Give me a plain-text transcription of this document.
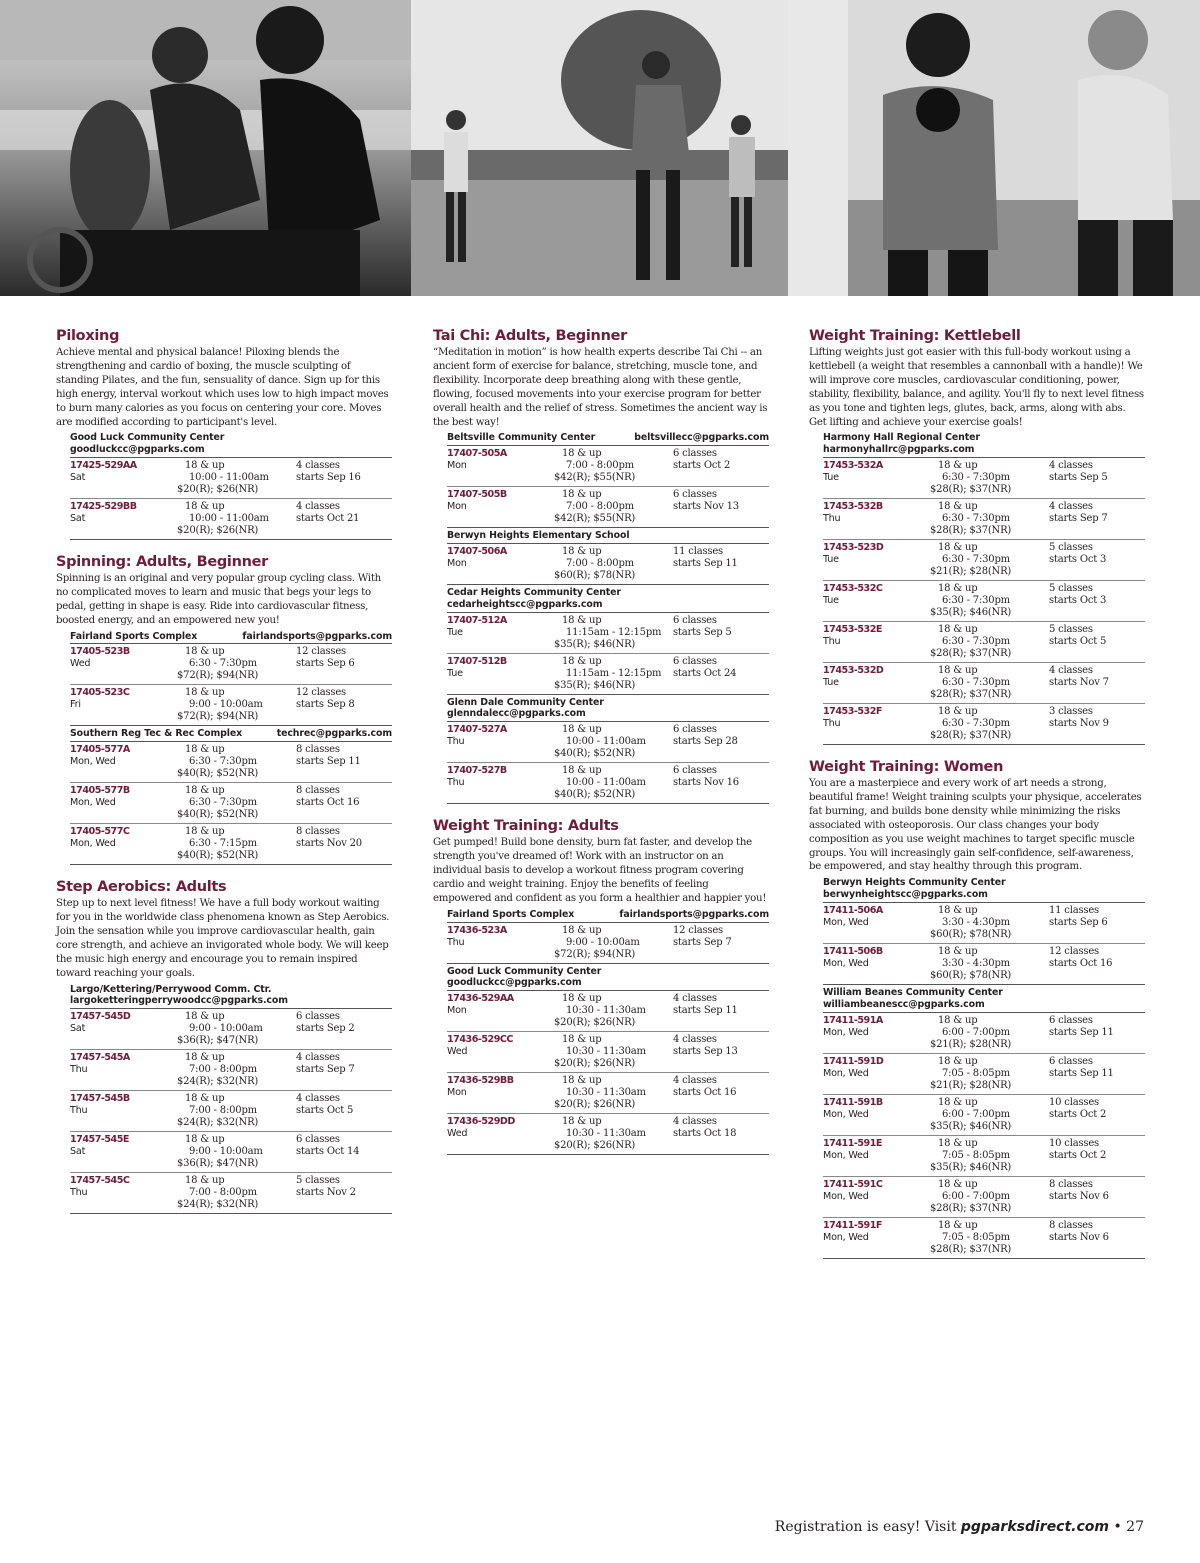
Piloxing

Achieve mental and physical balance! Piloxing blends the strengthening and cardio of boxing, the muscle sculpting of standing Pilates, and the fun, sensuality of dance. Sign up for this high energy, interval workout which uses low to high impact moves to burn many calories as you focus on centering your core. Moves are modified according to participant's level.

Good Luck Community Center
goodluckcc@pgparks.com
17425-529AA
Sat
18 & up
10:00 - 11:00am
$20(R); $26(NR)
4 classes
starts Sep 16
17425-529BB
Sat
18 & up
10:00 - 11:00am
$20(R); $26(NR)
4 classes
starts Oct 21
Spinning: Adults, Beginner

Spinning is an original and very popular group cycling class. With no complicated moves to learn and music that begs your legs to pedal, getting in shape is easy. Ride into cardiovascular fitness, boosted energy, and an empowered new you!

Fairland Sports Complex	fairlandsports@pgparks.com
17405-523B
Wed
18 & up
6:30 - 7:30pm
$72(R); $94(NR)
12 classes
starts Sep 6
17405-523C
Fri
18 & up
9:00 - 10:00am
$72(R); $94(NR)
12 classes
starts Sep 8
Southern Reg Tec & Rec Complex	techrec@pgparks.com
17405-577A
Mon, Wed
18 & up
6:30 - 7:30pm
$40(R); $52(NR)
8 classes
starts Sep 11
17405-577B
Mon, Wed
18 & up
6:30 - 7:30pm
$40(R); $52(NR)
8 classes
starts Oct 16
17405-577C
Mon, Wed
18 & up
6:30 - 7:15pm
$40(R); $52(NR)
8 classes
starts Nov 20
Step Aerobics: Adults

Step up to next level fitness! We have a full body workout waiting for you in the worldwide class phenomena known as Step Aerobics. Join the sensation while you improve cardiovascular health, gain core strength, and achieve an invigorated whole body. We will keep the music high energy and encourage you to remain inspired toward reaching your goals.

Largo/Kettering/Perrywood Comm. Ctr.
largoketteringperrywoodcc@pgparks.com
17457-545D
Sat
18 & up
9:00 - 10:00am
$36(R); $47(NR)
6 classes
starts Sep 2
17457-545A
Thu
18 & up
7:00 - 8:00pm
$24(R); $32(NR)
4 classes
starts Sep 7
17457-545B
Thu
18 & up
7:00 - 8:00pm
$24(R); $32(NR)
4 classes
starts Oct 5
17457-545E
Sat
18 & up
9:00 - 10:00am
$36(R); $47(NR)
6 classes
starts Oct 14
17457-545C
Thu
18 & up
7:00 - 8:00pm
$24(R); $32(NR)
5 classes
starts Nov 2
Tai Chi: Adults, Beginner

“Meditation in motion” is how health experts describe Tai Chi -- an ancient form of exercise for balance, stretching, muscle tone, and flexibility. Incorporate deep breathing along with these gentle, flowing, focused movements into your exercise program for better overall health and the relief of stress. Sometimes the ancient way is the best way!

Beltsville Community Center	beltsvillecc@pgparks.com
17407-505A
Mon
18 & up
7:00 - 8:00pm
$42(R); $55(NR)
6 classes
starts Oct 2
17407-505B
Mon
18 & up
7:00 - 8:00pm
$42(R); $55(NR)
6 classes
starts Nov 13
Berwyn Heights Elementary School
17407-506A
Mon
18 & up
7:00 - 8:00pm
$60(R); $78(NR)
11 classes
starts Sep 11
Cedar Heights Community Center
cedarheightscc@pgparks.com
17407-512A
Tue
18 & up
11:15am - 12:15pm
$35(R); $46(NR)
6 classes
starts Sep 5
17407-512B
Tue
18 & up
11:15am - 12:15pm
$35(R); $46(NR)
6 classes
starts Oct 24
Glenn Dale Community Center
glenndalecc@pgparks.com
17407-527A
Thu
18 & up
10:00 - 11:00am
$40(R); $52(NR)
6 classes
starts Sep 28
17407-527B
Thu
18 & up
10:00 - 11:00am
$40(R); $52(NR)
6 classes
starts Nov 16
Weight Training: Adults

Get pumped! Build bone density, burn fat faster, and develop the strength you've dreamed of! Work with an instructor on an individual basis to develop a workout fitness program covering cardio and weight training. Enjoy the benefits of feeling empowered and confident as you form a healthier and happier you!

Fairland Sports Complex	fairlandsports@pgparks.com
17436-523A
Thu
18 & up
9:00 - 10:00am
$72(R); $94(NR)
12 classes
starts Sep 7
Good Luck Community Center
goodluckcc@pgparks.com
17436-529AA
Mon
18 & up
10:30 - 11:30am
$20(R); $26(NR)
4 classes
starts Sep 11
17436-529CC
Wed
18 & up
10:30 - 11:30am
$20(R); $26(NR)
4 classes
starts Sep 13
17436-529BB
Mon
18 & up
10:30 - 11:30am
$20(R); $26(NR)
4 classes
starts Oct 16
17436-529DD
Wed
18 & up
10:30 - 11:30am
$20(R); $26(NR)
4 classes
starts Oct 18
Weight Training: Kettlebell

Lifting weights just got easier with this full-body workout using a kettlebell (a weight that resembles a cannonball with a handle)! We will improve core muscles, cardiovascular conditioning, power, stability, flexibility, balance, and agility. You'll fly to next level fitness as you tone and tighten legs, glutes, back, arms, along with abs. Get lifting and achieve your exercise goals!

Harmony Hall Regional Center
harmonyhallrc@pgparks.com
17453-532A
Tue
18 & up
6:30 - 7:30pm
$28(R); $37(NR)
4 classes
starts Sep 5
17453-532B
Thu
18 & up
6:30 - 7:30pm
$28(R); $37(NR)
4 classes
starts Sep 7
17453-523D
Tue
18 & up
6:30 - 7:30pm
$21(R); $28(NR)
5 classes
starts Oct 3
17453-532C
Tue
18 & up
6:30 - 7:30pm
$35(R); $46(NR)
5 classes
starts Oct 3
17453-532E
Thu
18 & up
6:30 - 7:30pm
$28(R); $37(NR)
5 classes
starts Oct 5
17453-532D
Tue
18 & up
6:30 - 7:30pm
$28(R); $37(NR)
4 classes
starts Nov 7
17453-532F
Thu
18 & up
6:30 - 7:30pm
$28(R); $37(NR)
3 classes
starts Nov 9
Weight Training: Women

You are a masterpiece and every work of art needs a strong, beautiful frame! Weight training sculpts your physique, accelerates fat burning, and builds bone density while minimizing the risks associated with osteoporosis. Our class changes your body composition as you use weight machines to target specific muscle groups. You will increasingly gain self-confidence, self-awareness, be empowered, and stay healthy through this program.

Berwyn Heights Community Center
berwynheightscc@pgparks.com
17411-506A
Mon, Wed
18 & up
3:30 - 4:30pm
$60(R); $78(NR)
11 classes
starts Sep 6
17411-506B
Mon, Wed
18 & up
3:30 - 4:30pm
$60(R); $78(NR)
12 classes
starts Oct 16
William Beanes Community Center
williambeanescc@pgparks.com
17411-591A
Mon, Wed
18 & up
6:00 - 7:00pm
$21(R); $28(NR)
6 classes
starts Sep 11
17411-591D
Mon, Wed
18 & up
7:05 - 8:05pm
$21(R); $28(NR)
6 classes
starts Sep 11
17411-591B
Mon, Wed
18 & up
6:00 - 7:00pm
$35(R); $46(NR)
10 classes
starts Oct 2
17411-591E
Mon, Wed
18 & up
7:05 - 8:05pm
$35(R); $46(NR)
10 classes
starts Oct 2
17411-591C
Mon, Wed
18 & up
6:00 - 7:00pm
$28(R); $37(NR)
8 classes
starts Nov 6
17411-591F
Mon, Wed
18 & up
7:05 - 8:05pm
$28(R); $37(NR)
8 classes
starts Nov 6
Registration is easy! Visit pgparksdirect.com • 27
